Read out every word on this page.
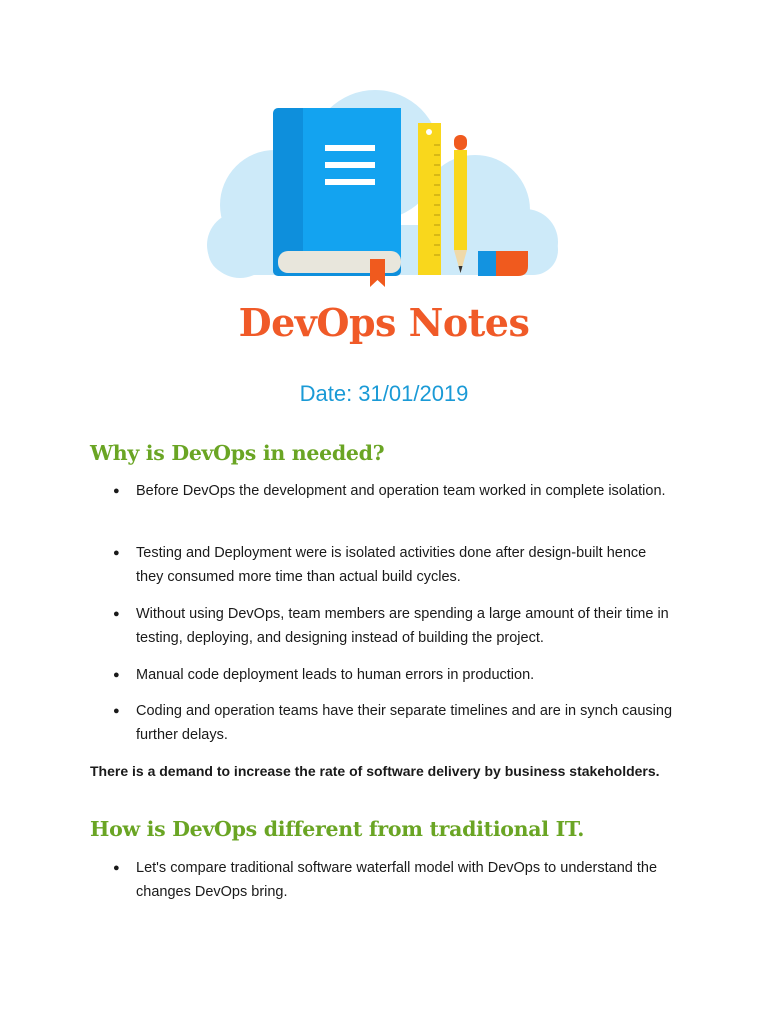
DevOps Notes
Date: 31/01/2019
Why is DevOps in needed?
● Before DevOps the development and operation team worked in complete isolation.
● Testing and Deployment were is isolated activities done after design-built hence they consumed more time than actual build cycles.
● Without using DevOps, team members are spending a large amount of their time in testing, deploying, and designing instead of building the project.
● Manual code deployment leads to human errors in production.
● Coding and operation teams have their separate timelines and are in synch causing further delays.
There is a demand to increase the rate of software delivery by business stakeholders.
How is DevOps different from traditional IT.
● Let's compare traditional software waterfall model with DevOps to understand the changes DevOps bring.
